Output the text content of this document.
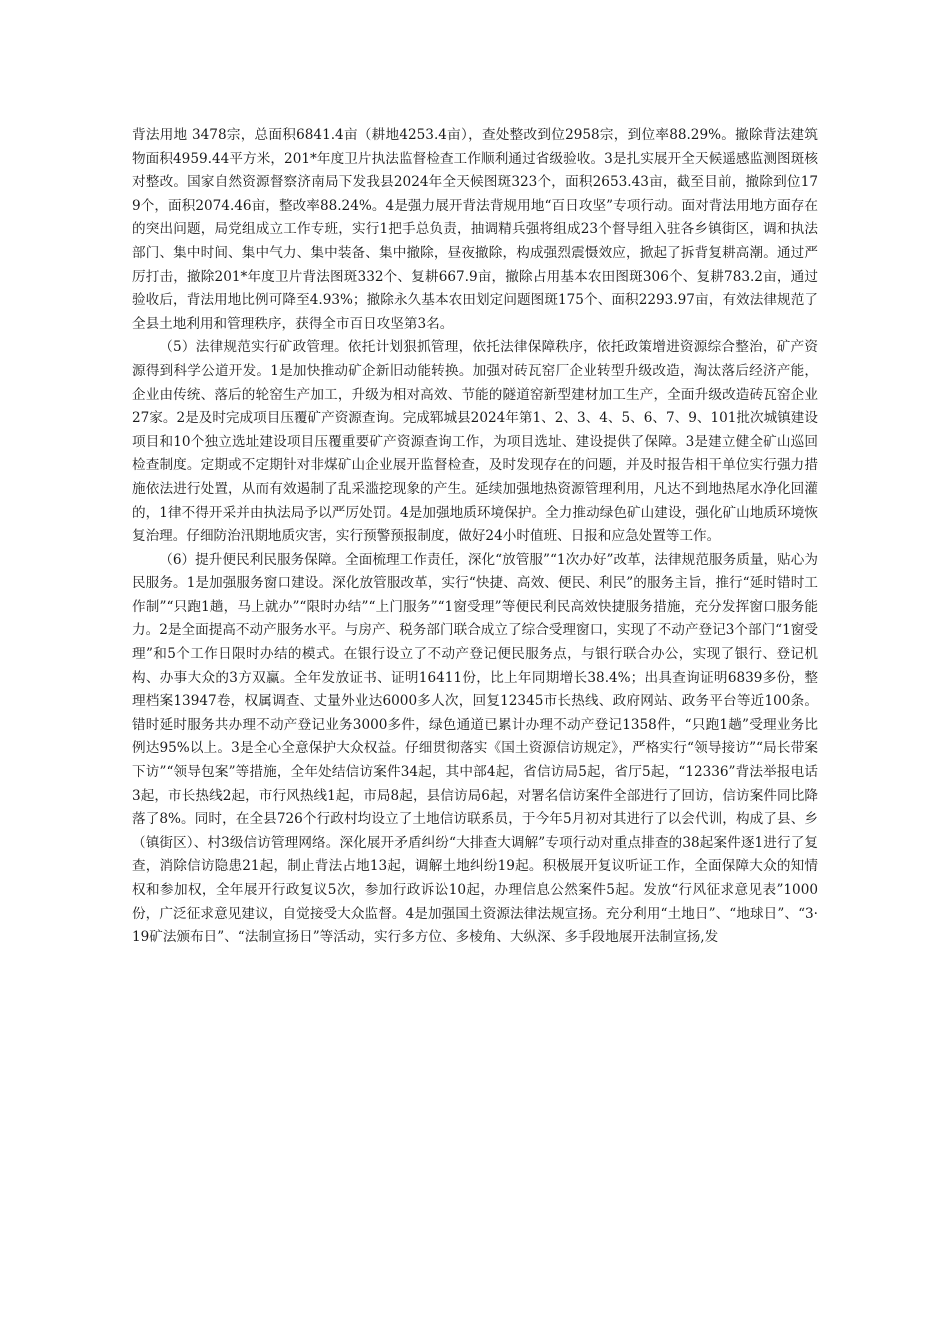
背法用地 3478宗，总面积6841.4亩（耕地4253.4亩），查处整改到位2958宗，到位率88.29%。撤除背法建筑物面积4959.44平方米，201*年度卫片执法监督检查工作顺利通过省级验收。3是扎实展开全天候遥感监测图斑核对整改。国家自然资源督察济南局下发我县2024年全天候图斑323个，面积2653.43亩，截至目前，撤除到位179个，面积2074.46亩，整改率88.24%。4是强力展开背法背规用地“百日攻坚”专项行动。面对背法用地方面存在的突出问题，局党组成立工作专班，实行1把手总负责，抽调精兵强将组成23个督导组入驻各乡镇街区，调和执法部门、集中时间、集中气力、集中装备、集中撤除，昼夜撤除，构成强烈震慑效应，掀起了拆背复耕高潮。通过严厉打击，撤除201*年度卫片背法图斑332个、复耕667.9亩，撤除占用基本农田图斑306个、复耕783.2亩，通过验收后，背法用地比例可降至4.93%；撤除永久基本农田划定问题图斑175个、面积2293.97亩，有效法律规范了全县土地利用和管理秩序，获得全市百日攻坚第3名。

（5）法律规范实行矿政管理。依托计划狠抓管理，依托法律保障秩序，依托政策增进资源综合整治，矿产资源得到科学公道开发。1是加快推动矿企新旧动能转换。加强对砖瓦窑厂企业转型升级改造，淘汰落后经济产能，企业由传统、落后的轮窑生产加工，升级为相对高效、节能的隧道窑新型建材加工生产，全面升级改造砖瓦窑企业27家。2是及时完成项目压覆矿产资源查询。完成郓城县2024年第1、2、3、4、5、6、7、9、101批次城镇建设项目和10个独立选址建设项目压覆重要矿产资源查询工作，为项目选址、建设提供了保障。3是建立健全矿山巡回检查制度。定期或不定期针对非煤矿山企业展开监督检查，及时发现存在的问题，并及时报告相干单位实行强力措施依法进行处置，从而有效遏制了乱采滥挖现象的产生。延续加强地热资源管理利用，凡达不到地热尾水净化回灌的，1律不得开采并由执法局予以严厉处罚。4是加强地质环境保护。全力推动绿色矿山建设，强化矿山地质环境恢复治理。仔细防治汛期地质灾害，实行预警预报制度，做好24小时值班、日报和应急处置等工作。

（6）提升便民利民服务保障。全面梳理工作责任，深化“放管服”“1次办好”改革，法律规范服务质量，贴心为民服务。1是加强服务窗口建设。深化放管服改革，实行“快捷、高效、便民、利民”的服务主旨，推行“延时错时工作制”“只跑1趟，马上就办”“限时办结”“上门服务”“1窗受理”等便民利民高效快捷服务措施，充分发挥窗口服务能力。2是全面提高不动产服务水平。与房产、税务部门联合成立了综合受理窗口，实现了不动产登记3个部门“1窗受理”和5个工作日限时办结的模式。在银行设立了不动产登记便民服务点，与银行联合办公，实现了银行、登记机构、办事大众的3方双赢。全年发放证书、证明16411份，比上年同期增长38.4%；出具查询证明6839多份，整理档案13947卷，权属调查、丈量外业达6000多人次，回复12345市长热线、政府网站、政务平台等近100条。错时延时服务共办理不动产登记业务3000多件，绿色通道已累计办理不动产登记1358件，“只跑1趟”受理业务比例达95%以上。3是全心全意保护大众权益。仔细贯彻落实《国土资源信访规定》，严格实行“领导接访”“局长带案下访”“领导包案”等措施，全年处结信访案件34起，其中部4起，省信访局5起，省厅5起，“12336”背法举报电话3起，市长热线2起，市行风热线1起，市局8起，县信访局6起，对署名信访案件全部进行了回访，信访案件同比降落了8%。同时，在全县726个行政村均设立了土地信访联系员，于今年5月初对其进行了以会代训，构成了县、乡（镇街区）、村3级信访管理网络。深化展开矛盾纠纷“大排查大调解”专项行动对重点排查的38起案件逐1进行了复查，消除信访隐患21起，制止背法占地13起，调解土地纠纷19起。积极展开复议听证工作，全面保障大众的知情权和参加权，全年展开行政复议5次，参加行政诉讼10起，办理信息公然案件5起。发放“行风征求意见表”1000份，广泛征求意见建议，自觉接受大众监督。4是加强国土资源法律法规宣扬。充分利用“土地日”、“地球日”、“3·19矿法颁布日”、“法制宣扬日”等活动，实行多方位、多棱角、大纵深、多手段地展开法制宣扬,发
